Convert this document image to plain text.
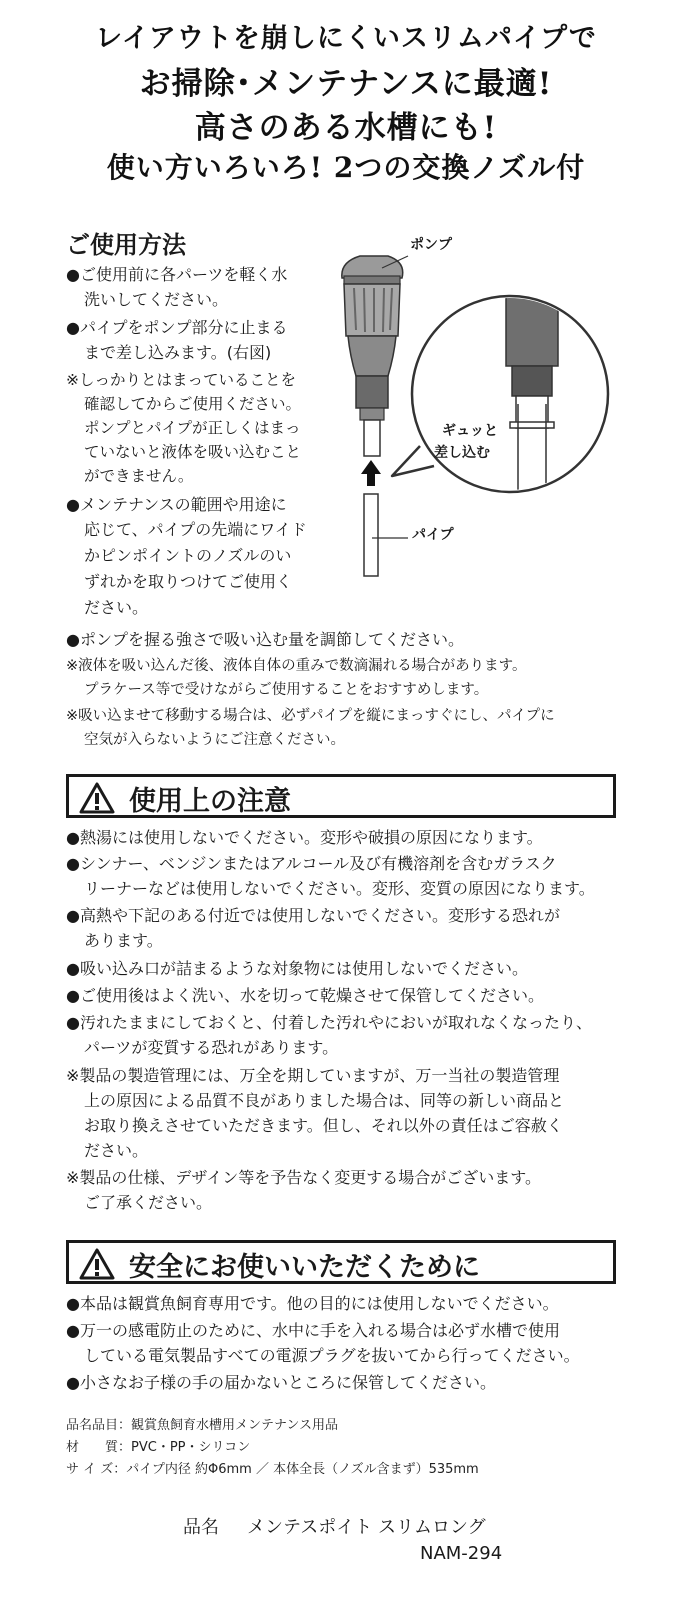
レイアウトを崩しにくいスリムパイプで
お掃除･メンテナンスに最適!
高さのある水槽にも!
使い方いろいろ! 2つの交換ノズル付
ご使用方法
●ご使用前に各パーツを軽く水
洗いしてください。
●パイプをポンプ部分に止まる
まで差し込みます。(右図)
※しっかりとはまっていることを
確認してからご使用ください。
ポンプとパイプが正しくはまっ
ていないと液体を吸い込むこと
ができません。
●メンテナンスの範囲や用途に
応じて、パイプの先端にワイド
かピンポイントのノズルのい
ずれかを取りつけてご使用く
ださい。
●ポンプを握る強さで吸い込む量を調節してください。
※液体を吸い込んだ後、液体自体の重みで数滴漏れる場合があります。
プラケース等で受けながらご使用することをおすすめします。
※吸い込ませて移動する場合は、必ずパイプを縦にまっすぐにし、パイプに
空気が入らないようにご注意ください。
ポンプ
ギュッと
差し込む
パイプ
使用上の注意
●熱湯には使用しないでください。変形や破損の原因になります。
●シンナー、ベンジンまたはアルコール及び有機溶剤を含むガラスク
リーナーなどは使用しないでください。変形、変質の原因になります。
●高熱や下記のある付近では使用しないでください。変形する恐れが
あります。
●吸い込み口が詰まるような対象物には使用しないでください。
●ご使用後はよく洗い、水を切って乾燥させて保管してください。
●汚れたままにしておくと、付着した汚れやにおいが取れなくなったり、
パーツが変質する恐れがあります。
※製品の製造管理には、万全を期していますが、万一当社の製造管理
上の原因による品質不良がありました場合は、同等の新しい商品と
お取り換えさせていただきます。但し、それ以外の責任はご容赦く
ださい。
※製品の仕様、デザイン等を予告なく変更する場合がございます。
ご了承ください。
安全にお使いいただくために
●本品は観賞魚飼育専用です。他の目的には使用しないでください。
●万一の感電防止のために、水中に手を入れる場合は必ず水槽で使用
している電気製品すべての電源プラグを抜いてから行ってください。
●小さなお子様の手の届かないところに保管してください。
品名品目：観賞魚飼育水槽用メンテナンス用品
材　　質：PVC・PP・シリコン
サ イ ズ：パイプ内径 約Φ6mm ／ 本体全長（ノズル含まず）535mm
品名 メンテスポイト スリムロング
NAM-294
